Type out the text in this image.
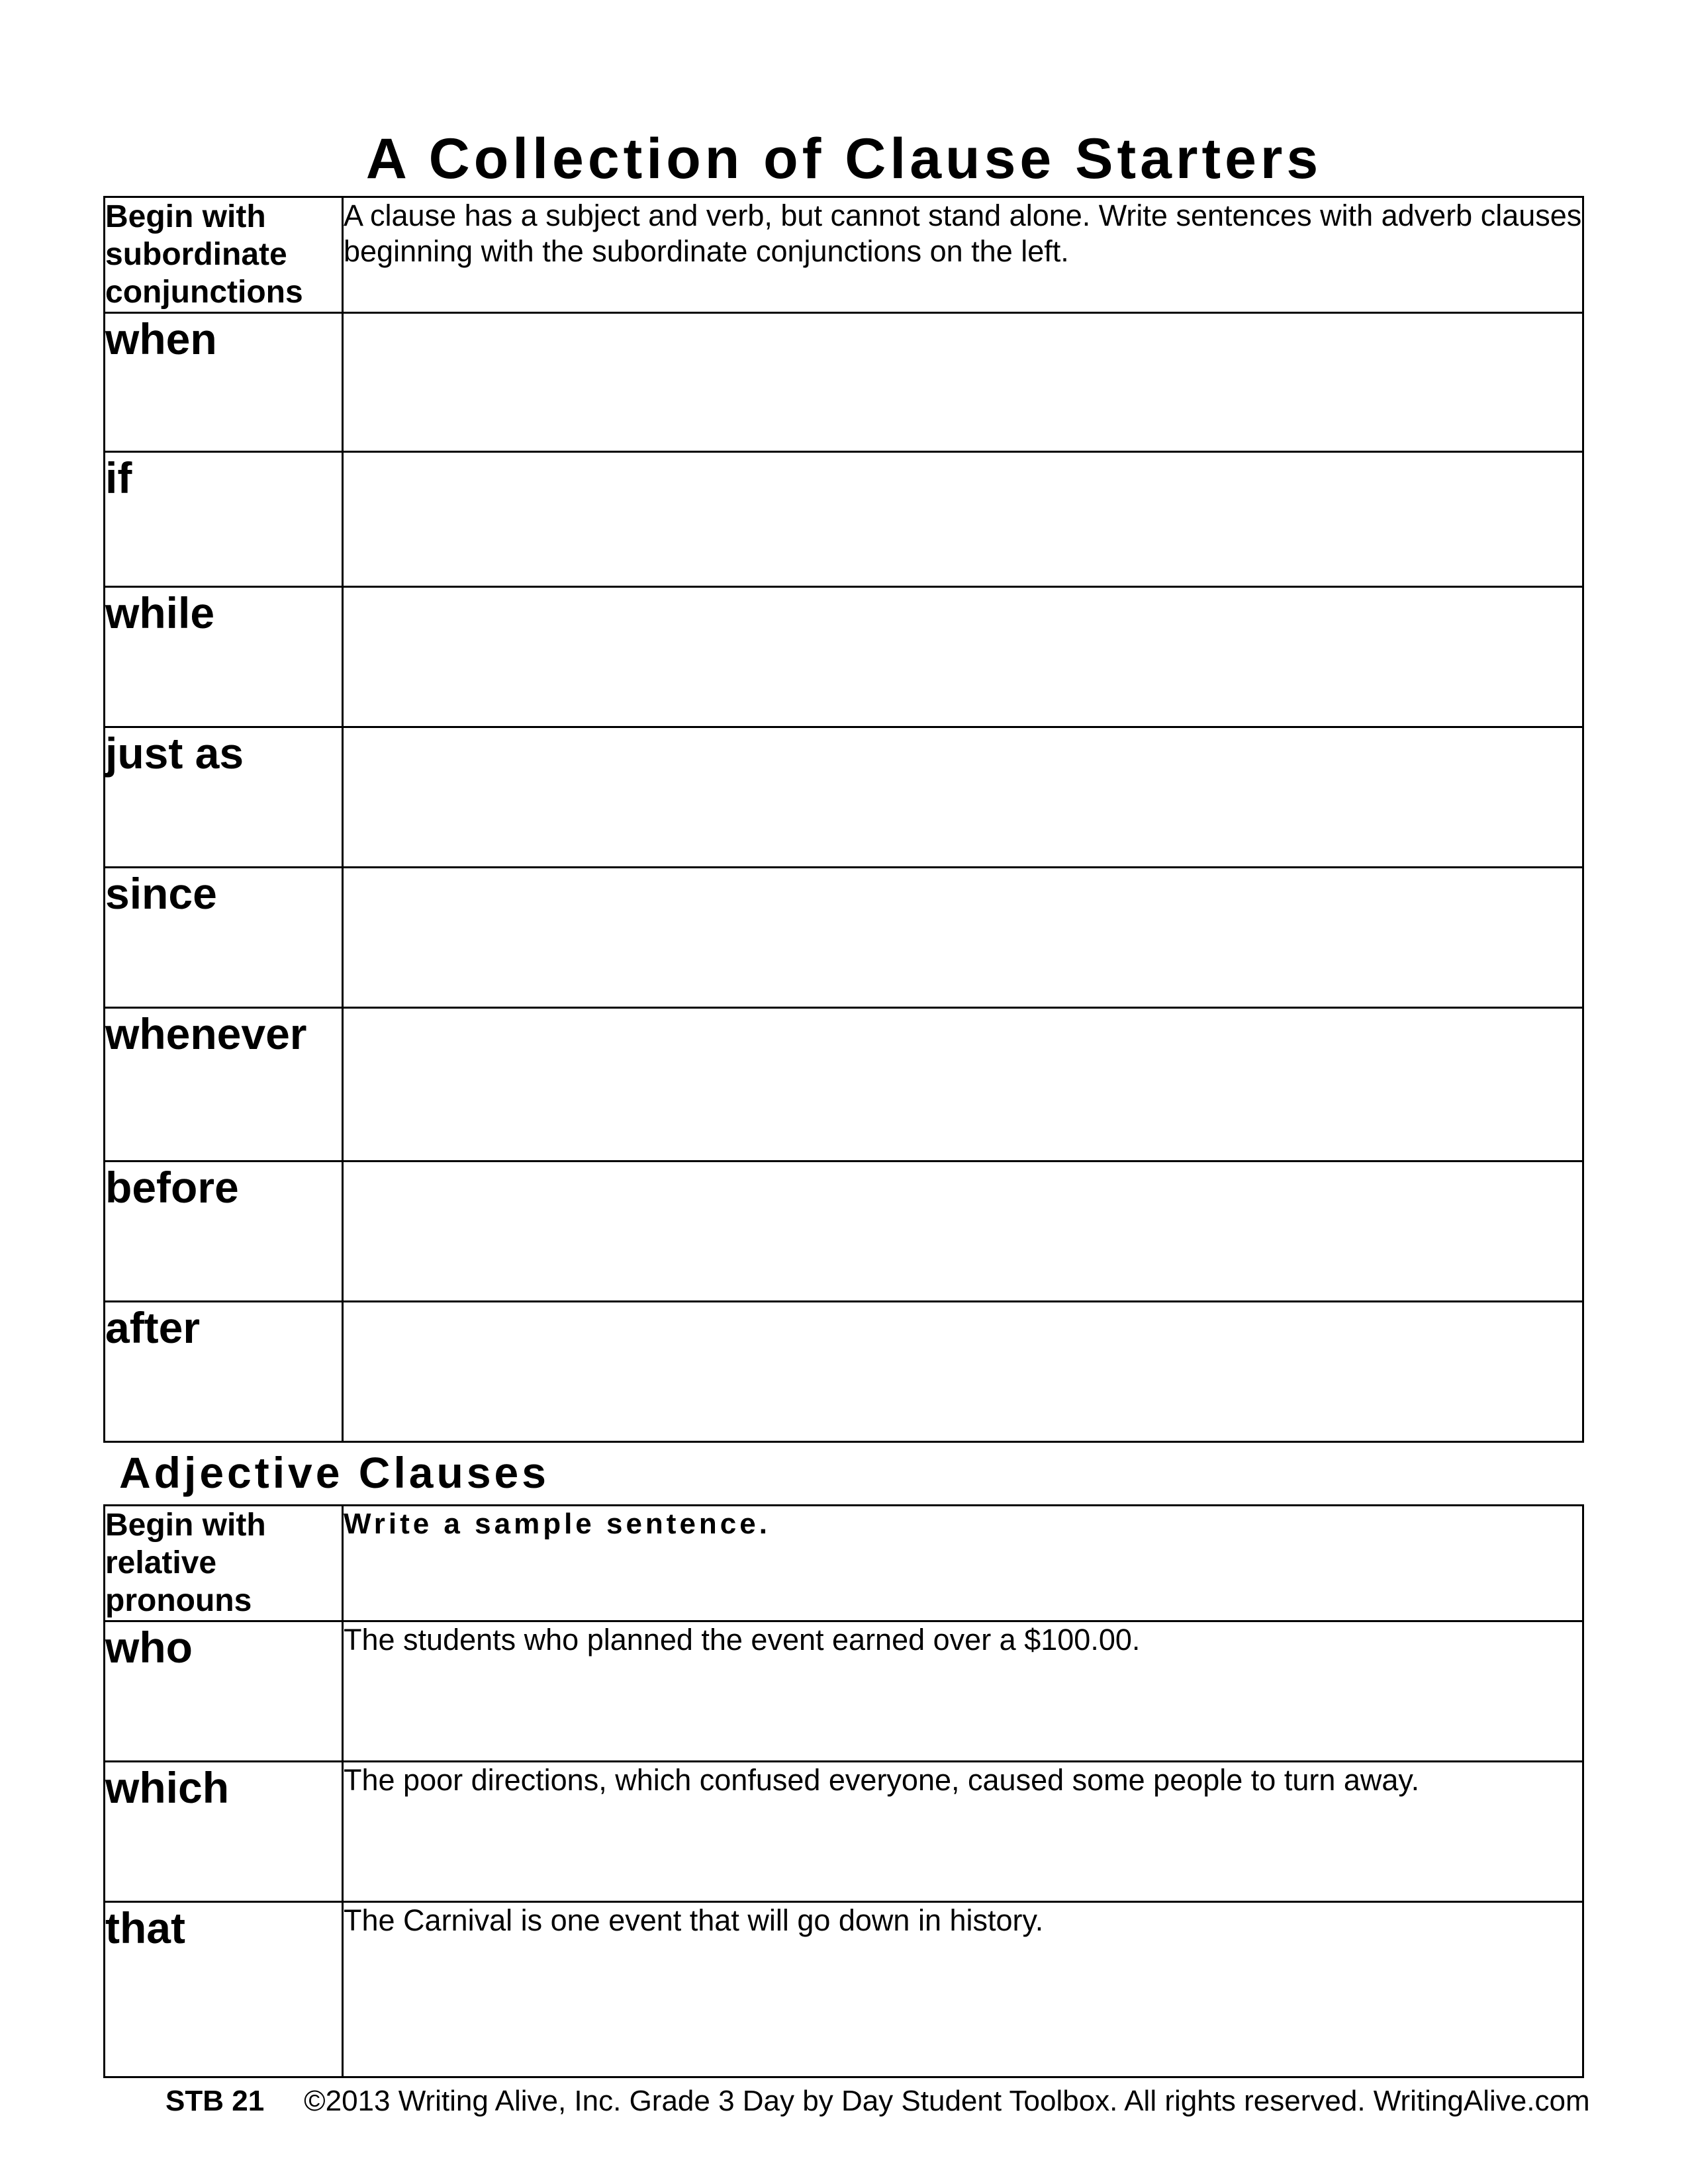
A Collection of Clause Starters
Begin with subordinate conjunctions	A clause has a subject and verb, but cannot stand alone. Write sentences with adverb clauses beginning with the subordinate conjunctions on the left.
when	
if	
while	
just as	
since	
whenever	
before	
after	
Adjective Clauses
Begin with relative pronouns	Write a sample sentence.
who	The students who planned the event earned over a $100.00.
which	The poor directions, which confused everyone, caused some people to turn away.
that	The Carnival is one event that will go down in history.
STB 21 ©2013 Writing Alive, Inc. Grade 3 Day by Day Student Toolbox. All rights reserved. WritingAlive.com
